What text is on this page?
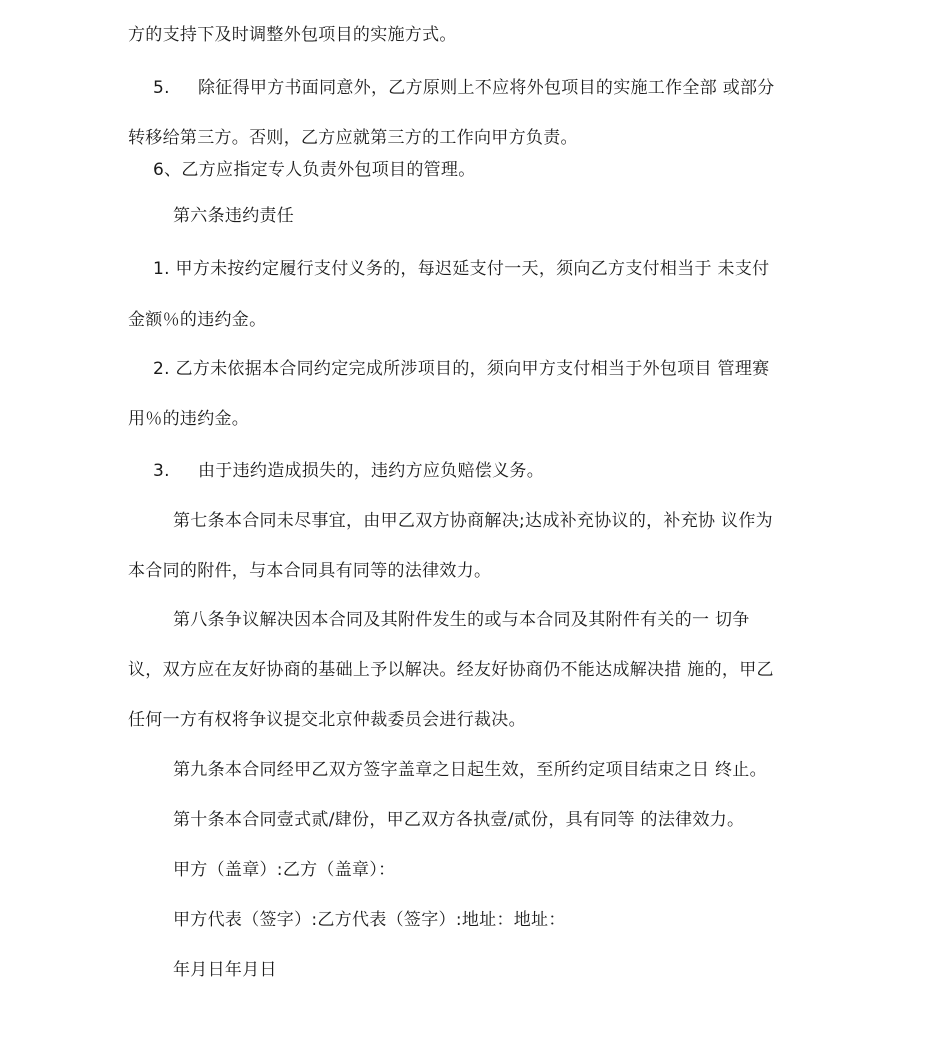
方的支持下及时调整外包项目的实施方式。
5. 除征得甲方书面同意外，乙方原则上不应将外包项目的实施工作全部 或部分
转移给第三方。否则，乙方应就第三方的工作向甲方负责。
6、乙方应指定专人负责外包项目的管理。
第六条违约责任
1. 甲方未按约定履行支付义务的，每迟延支付一天，须向乙方支付相当于 未支付
金额％的违约金。
2. 乙方未依据本合同约定完成所涉项目的，须向甲方支付相当于外包项目 管理赛
用％的违约金。
3. 由于违约造成损失的，违约方应负赔偿义务。
第七条本合同未尽事宜，由甲乙双方协商解决;达成补充协议的，补充协 议作为
本合同的附件，与本合同具有同等的法律效力。
第八条争议解决因本合同及其附件发生的或与本合同及其附件有关的一 切争
议，双方应在友好协商的基础上予以解决。经友好协商仍不能达成解决措 施的，甲乙
任何一方有权将争议提交北京仲裁委员会进行裁决。
第九条本合同经甲乙双方签字盖章之日起生效，至所约定项目结束之日 终止。
第十条本合同壹式贰/肆份，甲乙双方各执壹/贰份，具有同等 的法律效力。
甲方（盖章）:乙方（盖章）：
甲方代表（签字）:乙方代表（签字）:地址：地址：
年月日年月日
